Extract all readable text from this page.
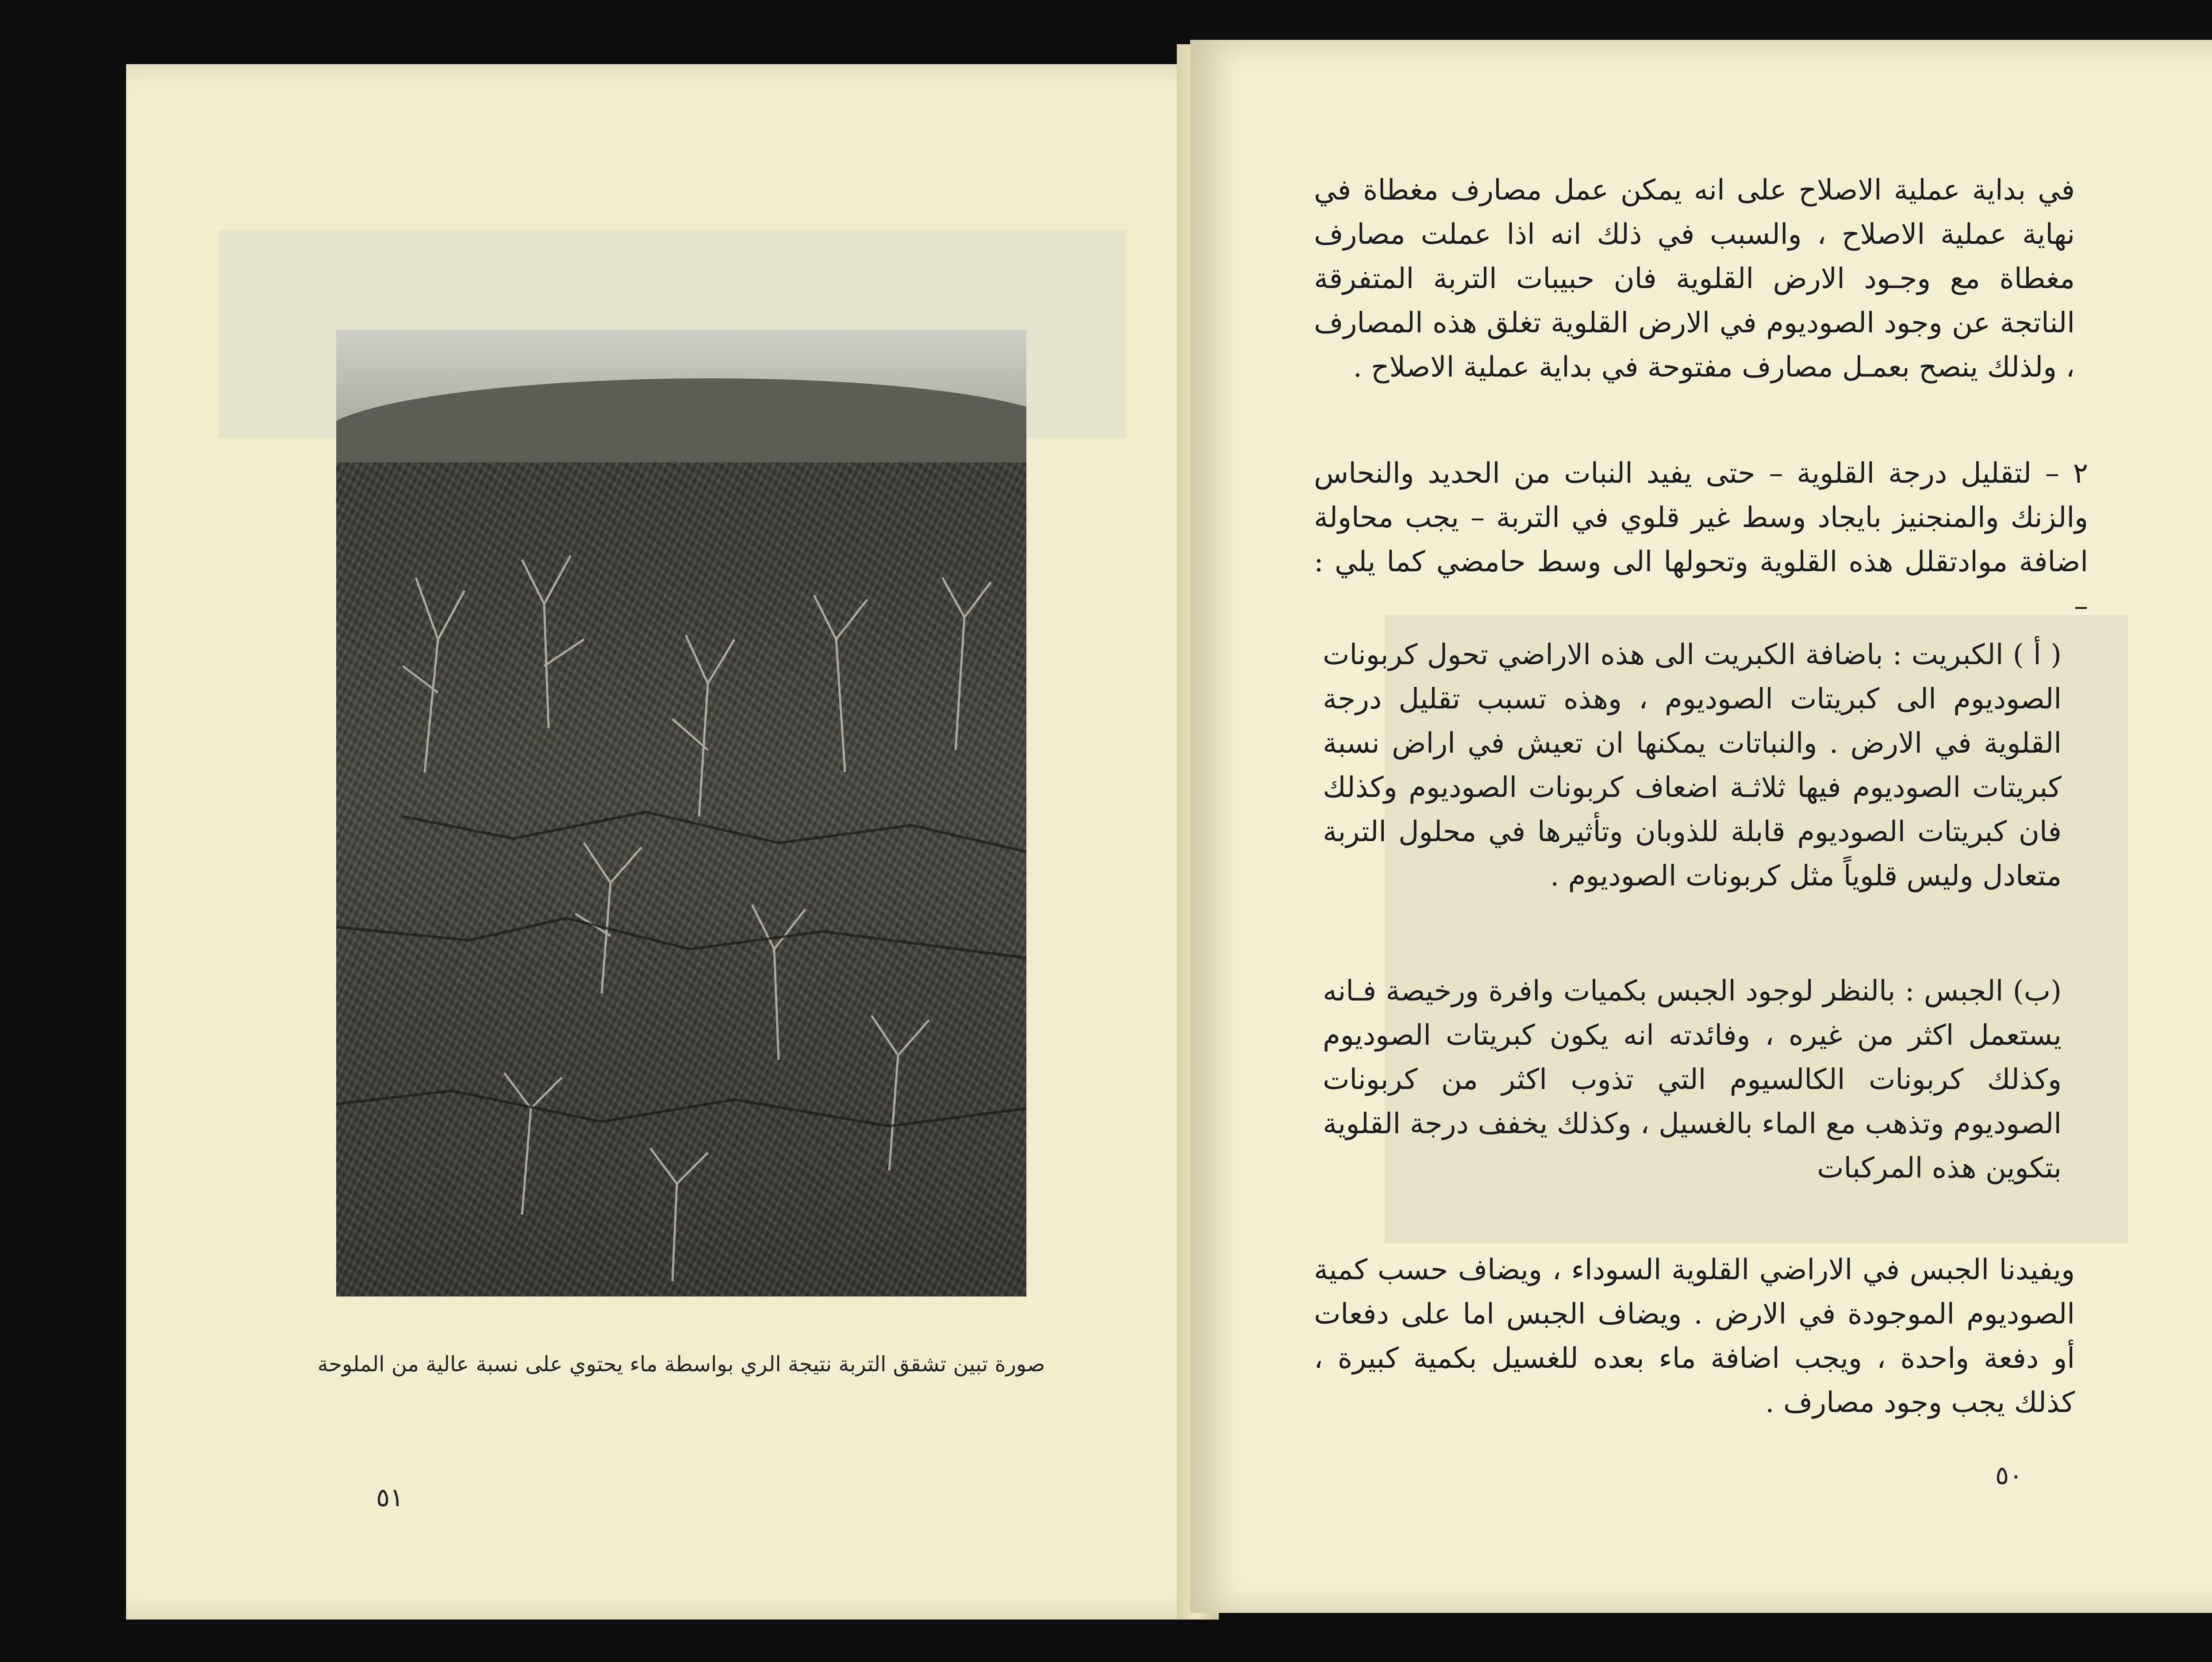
صورة تبين تشقق التربة نتيجة الري بواسطة ماء يحتوي على نسبة عالية من الملوحة
٥١
في بداية عملية الاصلاح على انه يمكن عمل مصارف مغطاة في نهاية عملية الاصلاح ، والسبب في ذلك انه اذا عملت مصارف مغطاة مع وجـود الارض القلوية فان حبيبات التربة المتفرقة الناتجة عن وجود الصوديوم في الارض القلوية تغلق هذه المصارف ، ولذلك ينصح بعمـل مصارف مفتوحة في بداية عملية الاصلاح .
٢ – لتقليل درجة القلوية – حتى يفيد النبات من الحديد والنحاس والزنك والمنجنيز بايجاد وسط غير قلوي في التربة – يجب محاولة اضافة موادتقلل هذه القلوية وتحولها الى وسط حامضي كما يلي : –
( أ ) الكبريت : باضافة الكبريت الى هذه الاراضي تحول كربونات الصوديوم الى كبريتات الصوديوم ، وهذه تسبب تقليل درجة القلوية في الارض . والنباتات يمكنها ان تعيش في اراض نسبة كبريتات الصوديوم فيها ثلاثـة اضعاف كربونات الصوديوم وكذلك فان كبريتات الصوديوم قابلة للذوبان وتأثيرها في محلول التربة متعادل وليس قلوياً مثل كربونات الصوديوم .
(ب) الجبس : بالنظر لوجود الجبس بكميات وافرة ورخيصة فـانه يستعمل اكثر من غيره ، وفائدته انه يكون كبريتات الصوديوم وكذلك كربونات الكالسيوم التي تذوب اكثر من كربونات الصوديوم وتذهب مع الماء بالغسيل ، وكذلك يخفف درجة القلوية بتكوين هذه المركبات
ويفيدنا الجبس في الاراضي القلوية السوداء ، ويضاف حسب كمية الصوديوم الموجودة في الارض . ويضاف الجبس اما على دفعات أو دفعة واحدة ، ويجب اضافة ماء بعده للغسيل بكمية كبيرة ، كذلك يجب وجود مصارف .
٥٠
